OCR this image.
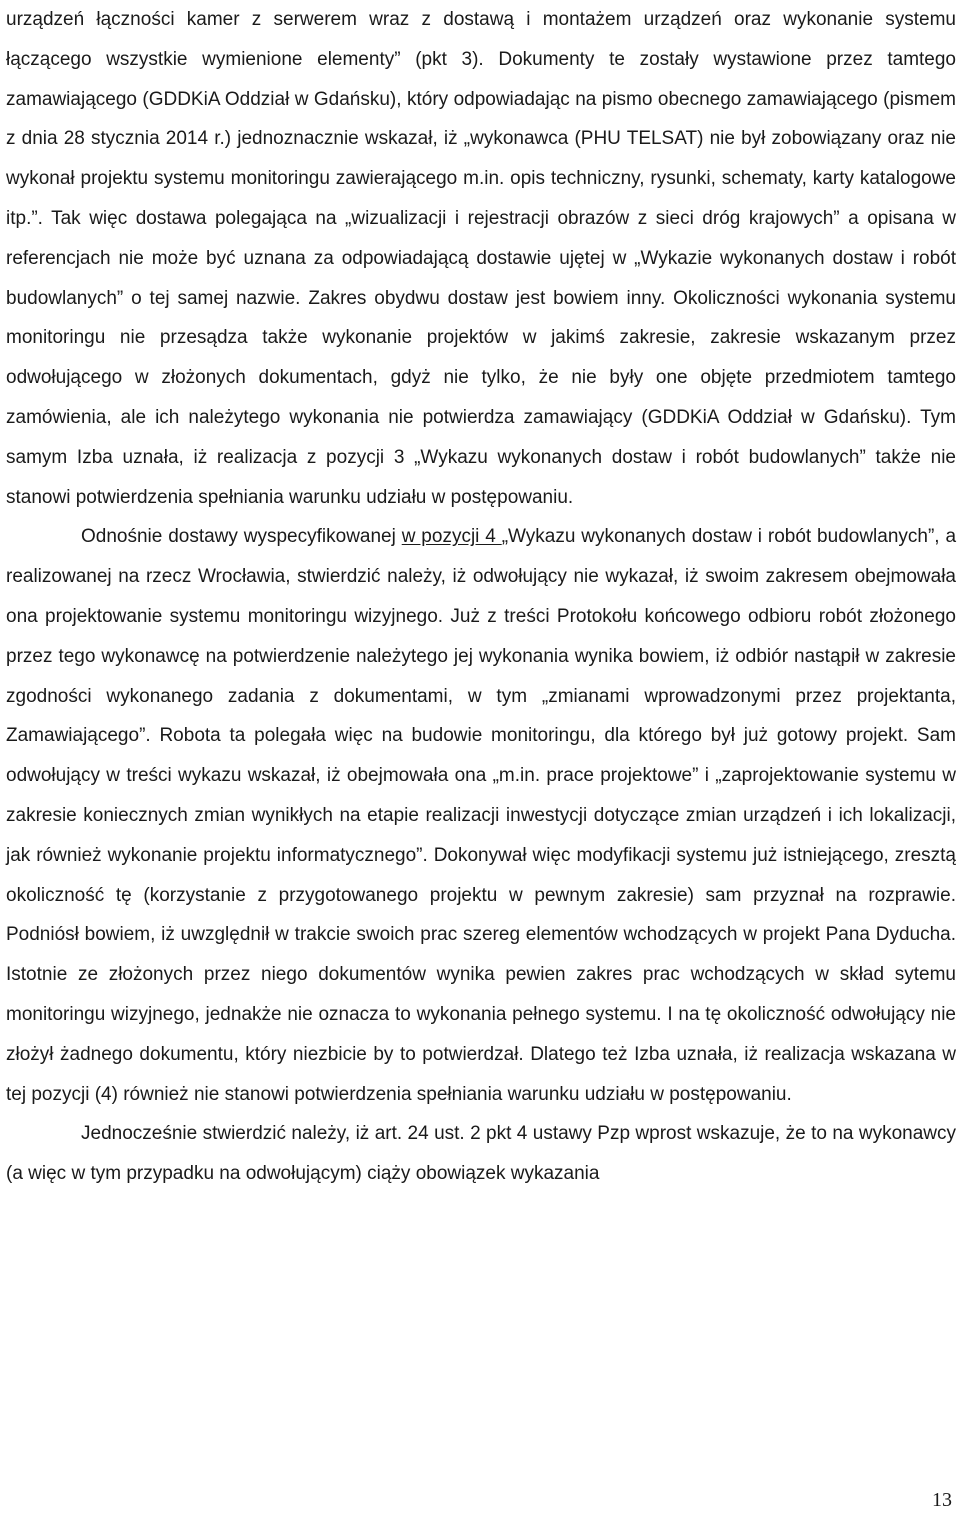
urządzeń łączności kamer z serwerem wraz z dostawą i montażem urządzeń oraz wykonanie systemu łączącego wszystkie wymienione elementy” (pkt 3). Dokumenty te zostały wystawione przez tamtego zamawiającego (GDDKiA Oddział w Gdańsku), który odpowiadając na pismo obecnego zamawiającego (pismem z dnia 28 stycznia 2014 r.) jednoznacznie wskazał, iż „wykonawca (PHU TELSAT) nie był zobowiązany oraz nie wykonał projektu systemu monitoringu zawierającego m.in. opis techniczny, rysunki, schematy, karty katalogowe itp.”. Tak więc dostawa polegająca na „wizualizacji i rejestracji obrazów z sieci dróg krajowych” a opisana w referencjach nie może być uznana za odpowiadającą dostawie ujętej w „Wykazie wykonanych dostaw i robót budowlanych” o tej samej nazwie. Zakres obydwu dostaw jest bowiem inny. Okoliczności wykonania systemu monitoringu nie przesądza także wykonanie projektów w jakimś zakresie, zakresie wskazanym przez odwołującego w złożonych dokumentach, gdyż nie tylko, że nie były one objęte przedmiotem tamtego zamówienia, ale ich należytego wykonania nie potwierdza zamawiający (GDDKiA Oddział w Gdańsku). Tym samym Izba uznała, iż realizacja z pozycji 3 „Wykazu wykonanych dostaw i robót budowlanych” także nie stanowi potwierdzenia spełniania warunku udziału w postępowaniu.

Odnośnie dostawy wyspecyfikowanej w pozycji 4 „Wykazu wykonanych dostaw i robót budowlanych”, a realizowanej na rzecz Wrocławia, stwierdzić należy, iż odwołujący nie wykazał, iż swoim zakresem obejmowała ona projektowanie systemu monitoringu wizyjnego. Już z treści Protokołu końcowego odbioru robót złożonego przez tego wykonawcę na potwierdzenie należytego jej wykonania wynika bowiem, iż odbiór nastąpił w zakresie zgodności wykonanego zadania z dokumentami, w tym „zmianami wprowadzonymi przez projektanta, Zamawiającego”. Robota ta polegała więc na budowie monitoringu, dla którego był już gotowy projekt. Sam odwołujący w treści wykazu wskazał, iż obejmowała ona „m.in. prace projektowe” i „zaprojektowanie systemu w zakresie koniecznych zmian wynikłych na etapie realizacji inwestycji dotyczące zmian urządzeń i ich lokalizacji, jak również wykonanie projektu informatycznego”. Dokonywał więc modyfikacji systemu już istniejącego, zresztą okoliczność tę (korzystanie z przygotowanego projektu w pewnym zakresie) sam przyznał na rozprawie. Podniósł bowiem, iż uwzględnił w trakcie swoich prac szereg elementów wchodzących w projekt Pana Dyducha. Istotnie ze złożonych przez niego dokumentów wynika pewien zakres prac wchodzących w skład sytemu monitoringu wizyjnego, jednakże nie oznacza to wykonania pełnego systemu. I na tę okoliczność odwołujący nie złożył żadnego dokumentu, który niezbicie by to potwierdzał. Dlatego też Izba uznała, iż realizacja wskazana w tej pozycji (4) również nie stanowi potwierdzenia spełniania warunku udziału w postępowaniu.

Jednocześnie stwierdzić należy, iż art. 24 ust. 2 pkt 4 ustawy Pzp wprost wskazuje, że to na wykonawcy (a więc w tym przypadku na odwołującym) ciąży obowiązek wykazania

13
